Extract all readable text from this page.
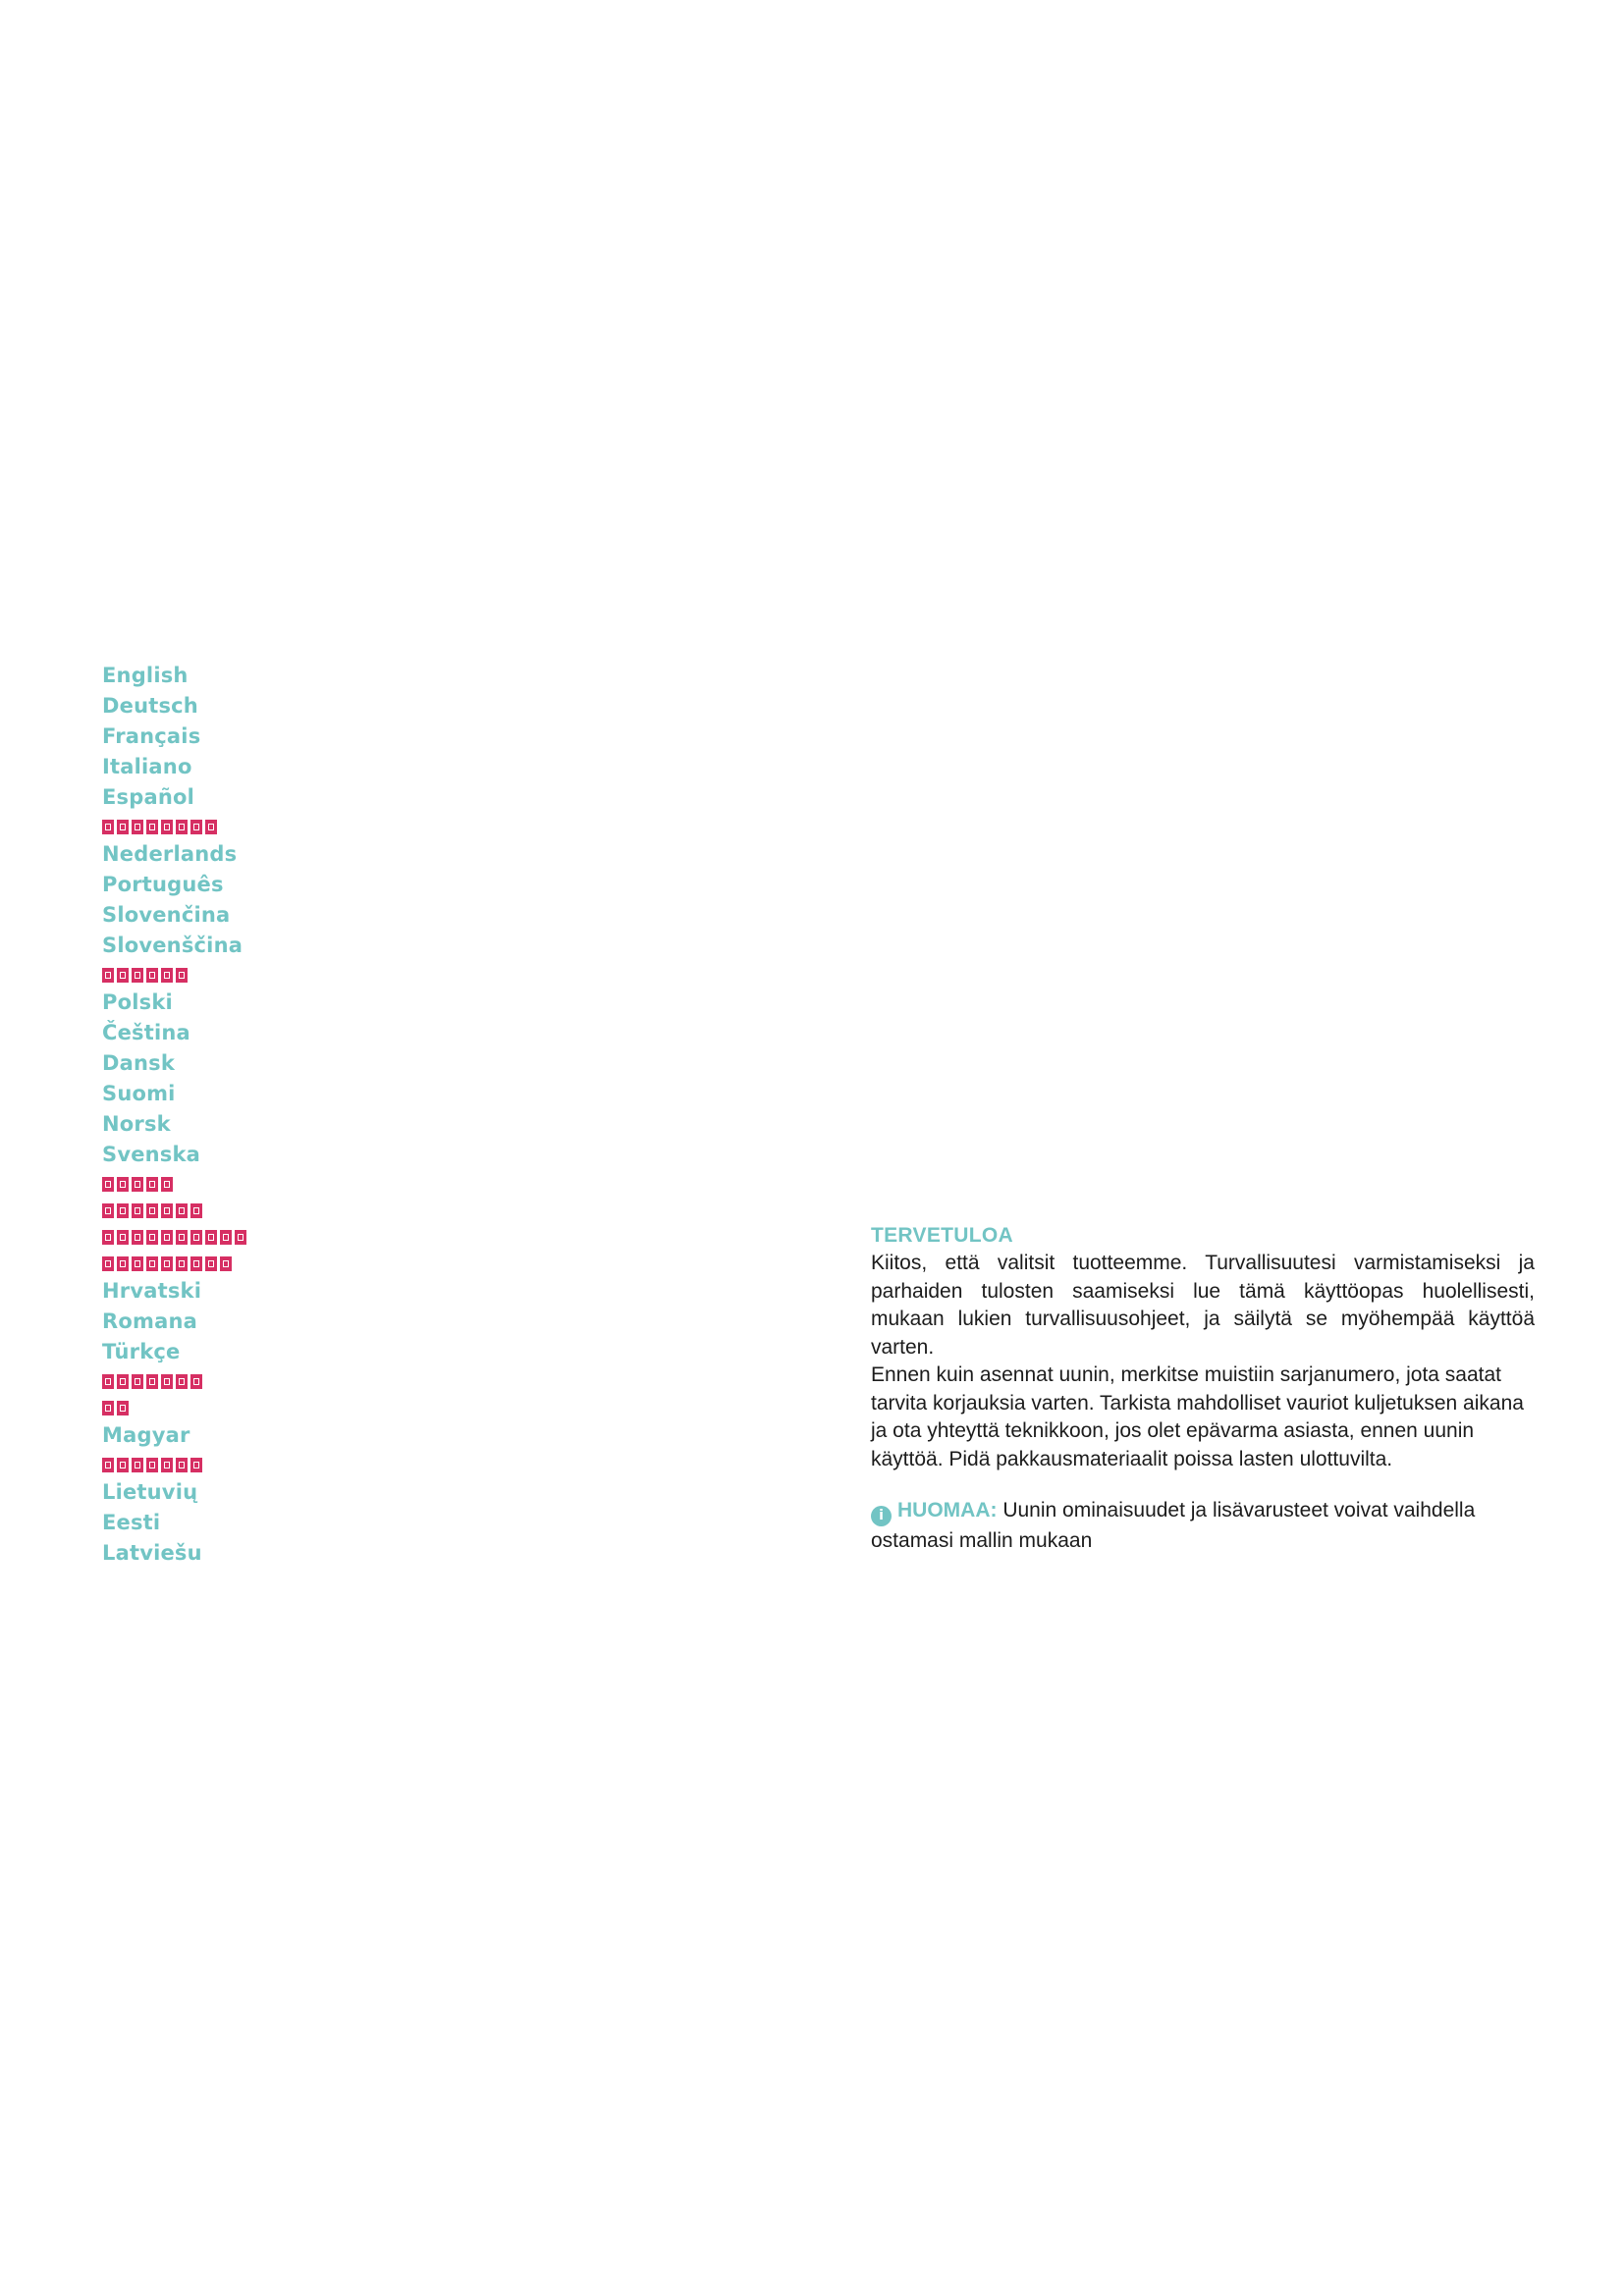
English
Deutsch
Français
Italiano
Español
Nederlands
Português
Slovenčina
Slovenščina
Polski
Čeština
Dansk
Suomi
Norsk
Svenska
Hrvatski
Romana
Türkçe
Magyar
Lietuvių
Eesti
Latviešu
TERVETULOA

Kiitos, että valitsit tuotteemme. Turvallisuutesi varmistamiseksi ja parhaiden tulosten saamiseksi lue tämä käyttöopas huolellisesti, mukaan lukien turvallisuusohjeet, ja säilytä se myöhempää käyttöä varten.

Ennen kuin asennat uunin, merkitse muistiin sarjanumero, jota saatat tarvita korjauksia varten. Tarkista mahdolliset vauriot kuljetuksen aikana ja ota yhteyttä teknikkoon, jos olet epävarma asiasta, ennen uunin käyttöä. Pidä pakkausmateriaalit poissa lasten ulottuvilta.

i HUOMAA: Uunin ominaisuudet ja lisävarusteet voivat vaihdella ostamasi mallin mukaan
